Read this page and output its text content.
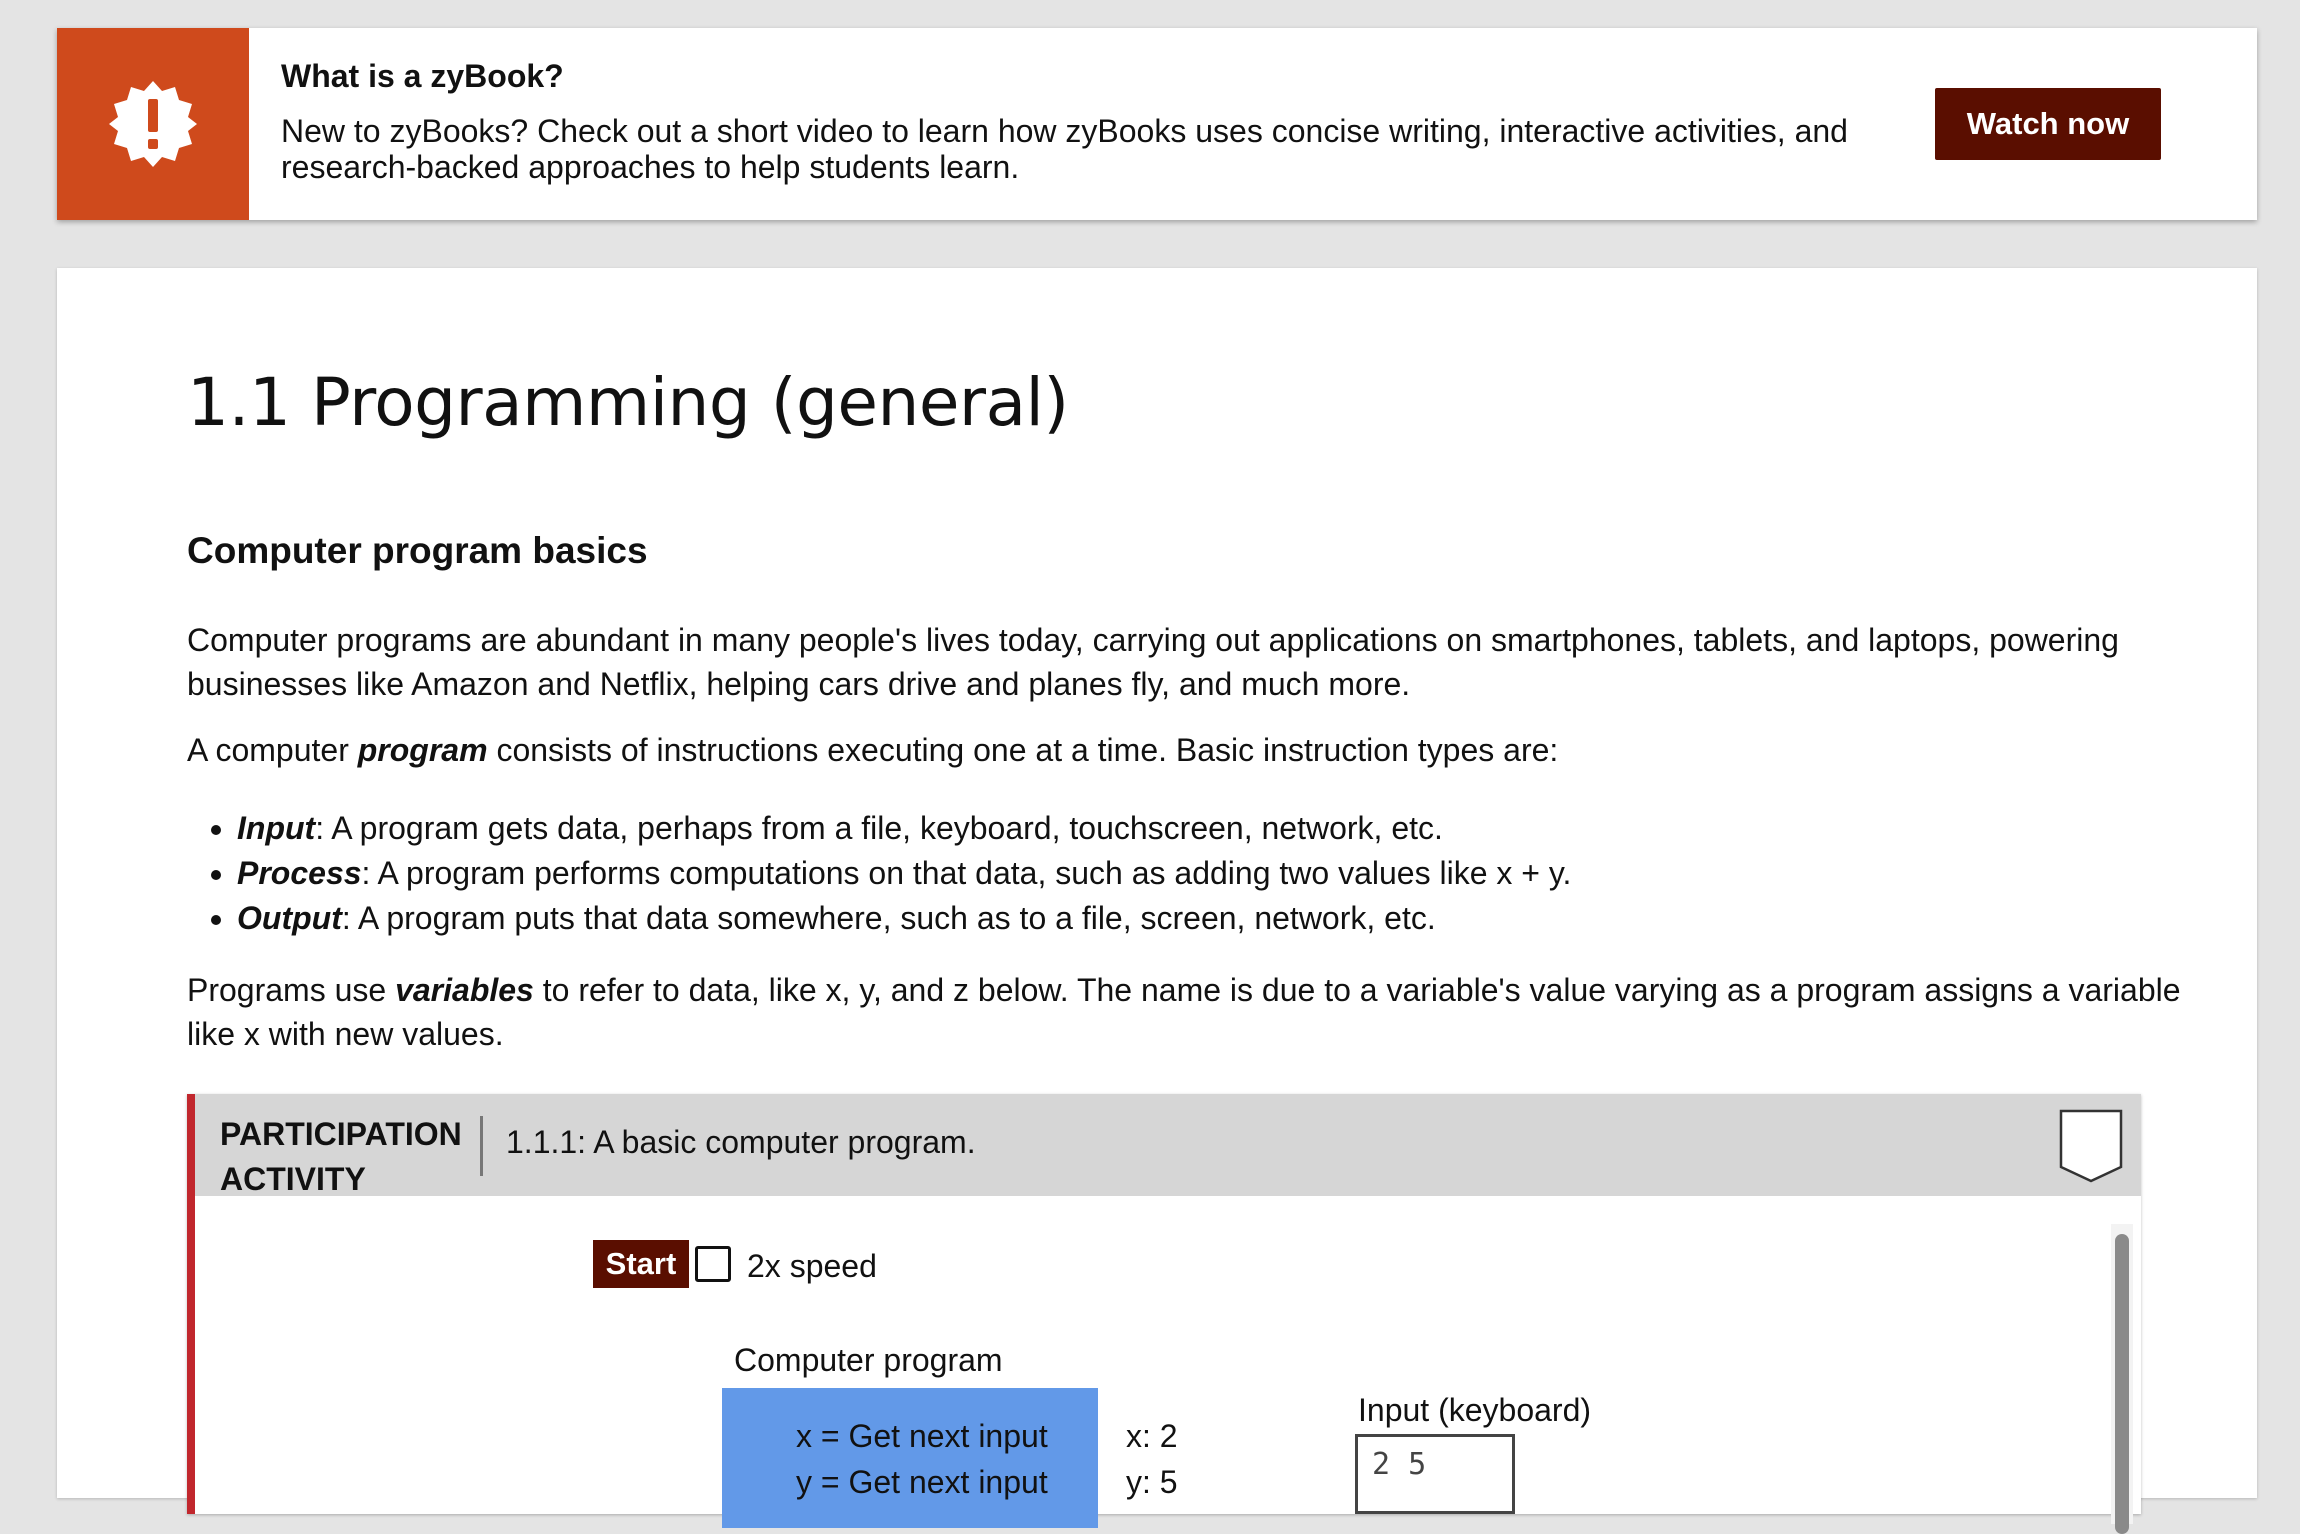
What is a zyBook?
New to zyBooks? Check out a short video to learn how zyBooks uses concise writing, interactive activities, and research-backed approaches to help students learn.
Watch now
1.1 Programming (general)
Computer program basics

Computer programs are abundant in many people's lives today, carrying out applications on smartphones, tablets, and laptops, powering businesses like Amazon and Netflix, helping cars drive and planes fly, and much more.

A computer program consists of instructions executing one at a time. Basic instruction types are:

Input: A program gets data, perhaps from a file, keyboard, touchscreen, network, etc.
Process: A program performs computations on that data, such as adding two values like x + y.
Output: A program puts that data somewhere, such as to a file, screen, network, etc.

Programs use variables to refer to data, like x, y, and z below. The name is due to a variable's value varying as a program assigns a variable like x with new values.

PARTICIPATION ACTIVITY
1.1.1: A basic computer program.
Start	2x speed
Computer program
x = Get next input
y = Get next input
x: 2
y: 5
Input (keyboard)
2 5
